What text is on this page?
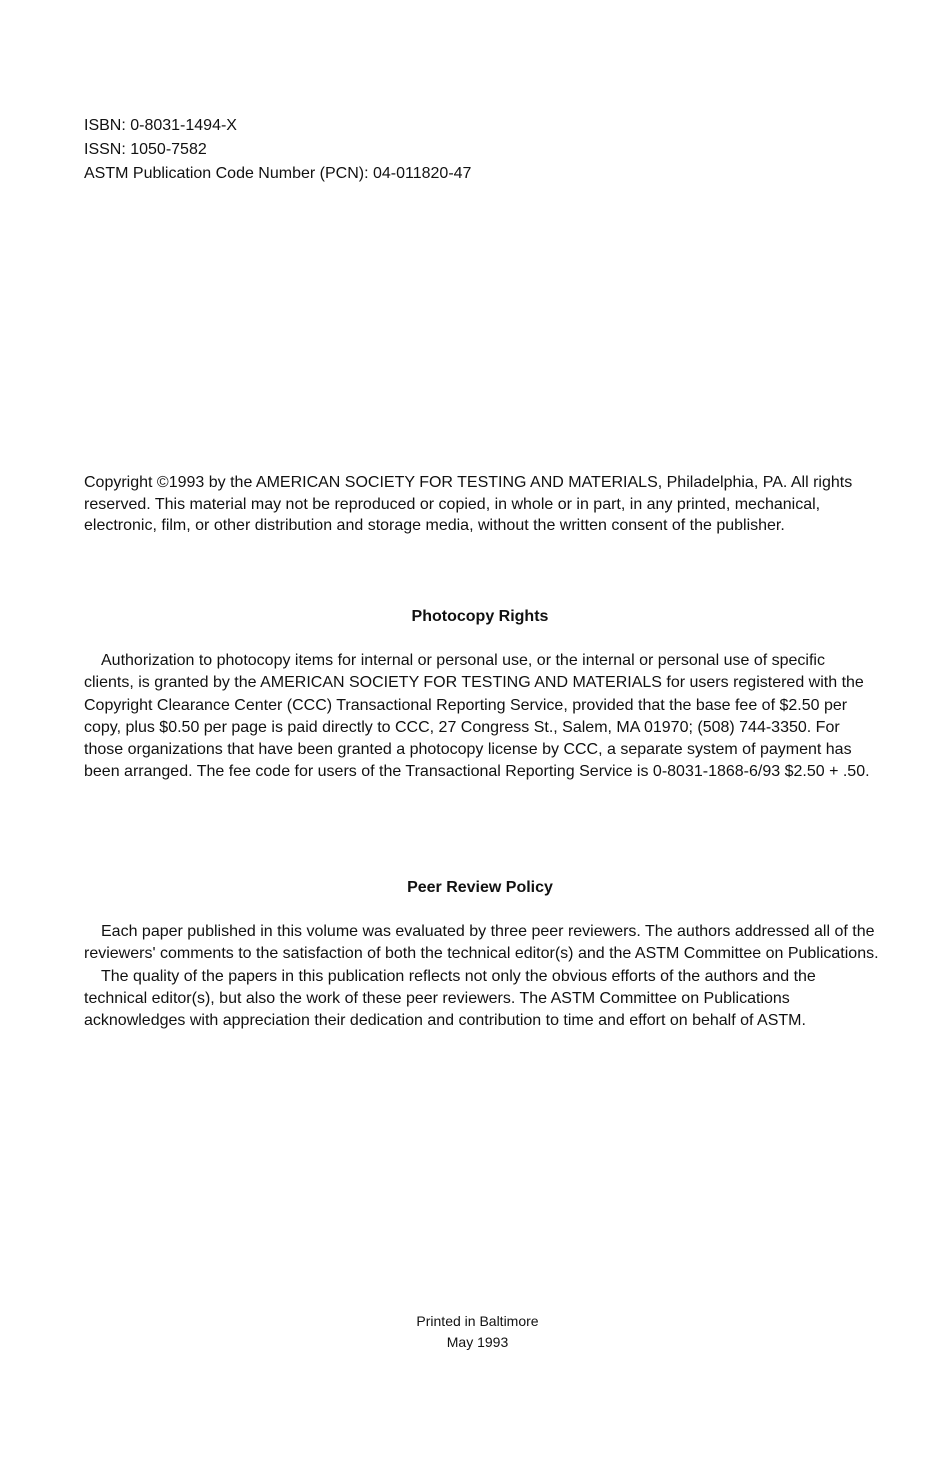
ISBN: 0-8031-1494-X
ISSN: 1050-7582
ASTM Publication Code Number (PCN): 04-011820-47
Copyright ©1993 by the AMERICAN SOCIETY FOR TESTING AND MATERIALS, Philadelphia, PA. All rights reserved. This material may not be reproduced or copied, in whole or in part, in any printed, mechanical, electronic, film, or other distribution and storage media, without the written consent of the publisher.
Photocopy Rights

Authorization to photocopy items for internal or personal use, or the internal or personal use of specific clients, is granted by the AMERICAN SOCIETY FOR TESTING AND MATERIALS for users registered with the Copyright Clearance Center (CCC) Transactional Reporting Service, provided that the base fee of $2.50 per copy, plus $0.50 per page is paid directly to CCC, 27 Congress St., Salem, MA 01970; (508) 744-3350. For those organizations that have been granted a photocopy license by CCC, a separate system of payment has been arranged. The fee code for users of the Transactional Reporting Service is 0-8031-1868-6/93 $2.50 + .50.

Peer Review Policy

Each paper published in this volume was evaluated by three peer reviewers. The authors addressed all of the reviewers' comments to the satisfaction of both the technical editor(s) and the ASTM Committee on Publications.

The quality of the papers in this publication reflects not only the obvious efforts of the authors and the technical editor(s), but also the work of these peer reviewers. The ASTM Committee on Publications acknowledges with appreciation their dedication and contribution to time and effort on behalf of ASTM.

Printed in Baltimore
May 1993
